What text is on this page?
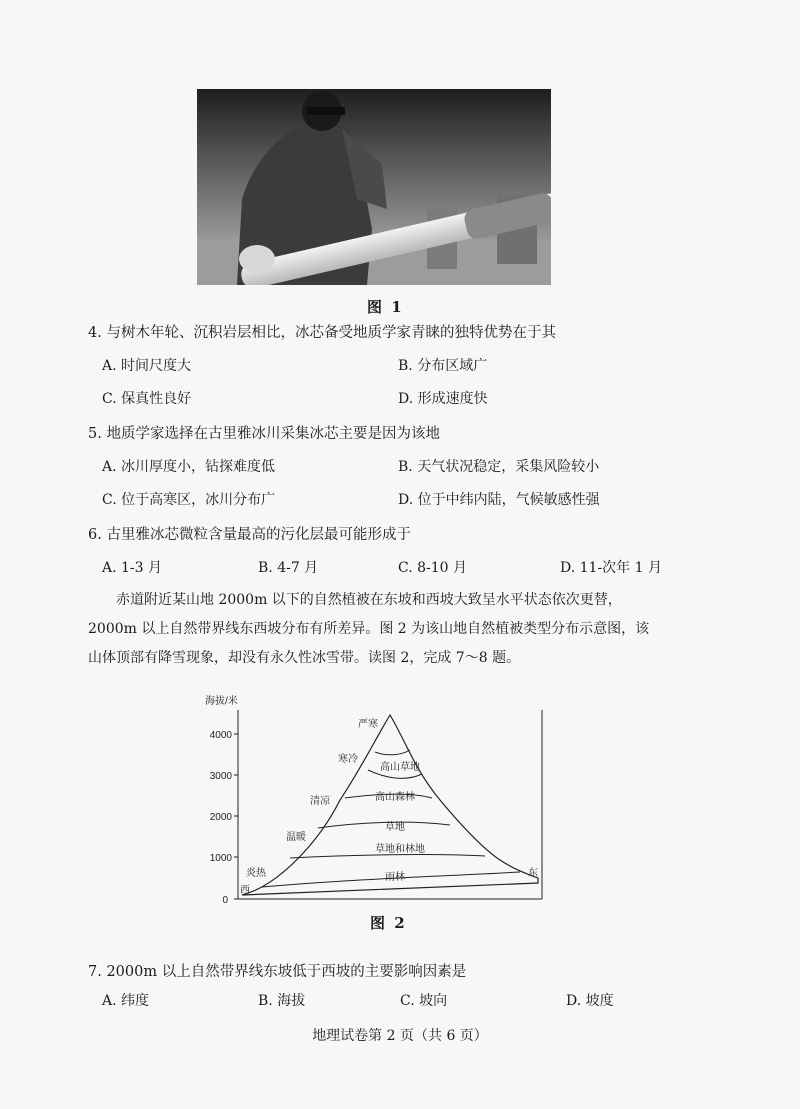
图 1
4. 与树木年轮、沉积岩层相比，冰芯备受地质学家青睐的独特优势在于其
A. 时间尺度大	B. 分布区域广
C. 保真性良好	D. 形成速度快
5. 地质学家选择在古里雅冰川采集冰芯主要是因为该地
A. 冰川厚度小，钻探难度低	B. 天气状况稳定，采集风险较小
C. 位于高寒区，冰川分布广	D. 位于中纬内陆，气候敏感性强
6. 古里雅冰芯微粒含量最高的污化层最可能形成于
A. 1-3 月	B. 4-7 月	C. 8-10 月	D. 11-次年 1 月
赤道附近某山地 2000m 以下的自然植被在东坡和西坡大致呈水平状态依次更替，
2000m 以上自然带界线东西坡分布有所差异。图 2 为该山地自然植被类型分布示意图，该
山体顶部有降雪现象，却没有永久性冰雪带。读图 2，完成 7～8 题。
海拔/米
0
1000
2000
3000
4000
高山草地
高山森林
草地
草地和林地
雨林
严寒
寒冷
清凉
温暖
炎热
西
东
图 2
7. 2000m 以上自然带界线东坡低于西坡的主要影响因素是
A. 纬度	B. 海拔	C. 坡向	D. 坡度
地理试卷第 2 页（共 6 页）
